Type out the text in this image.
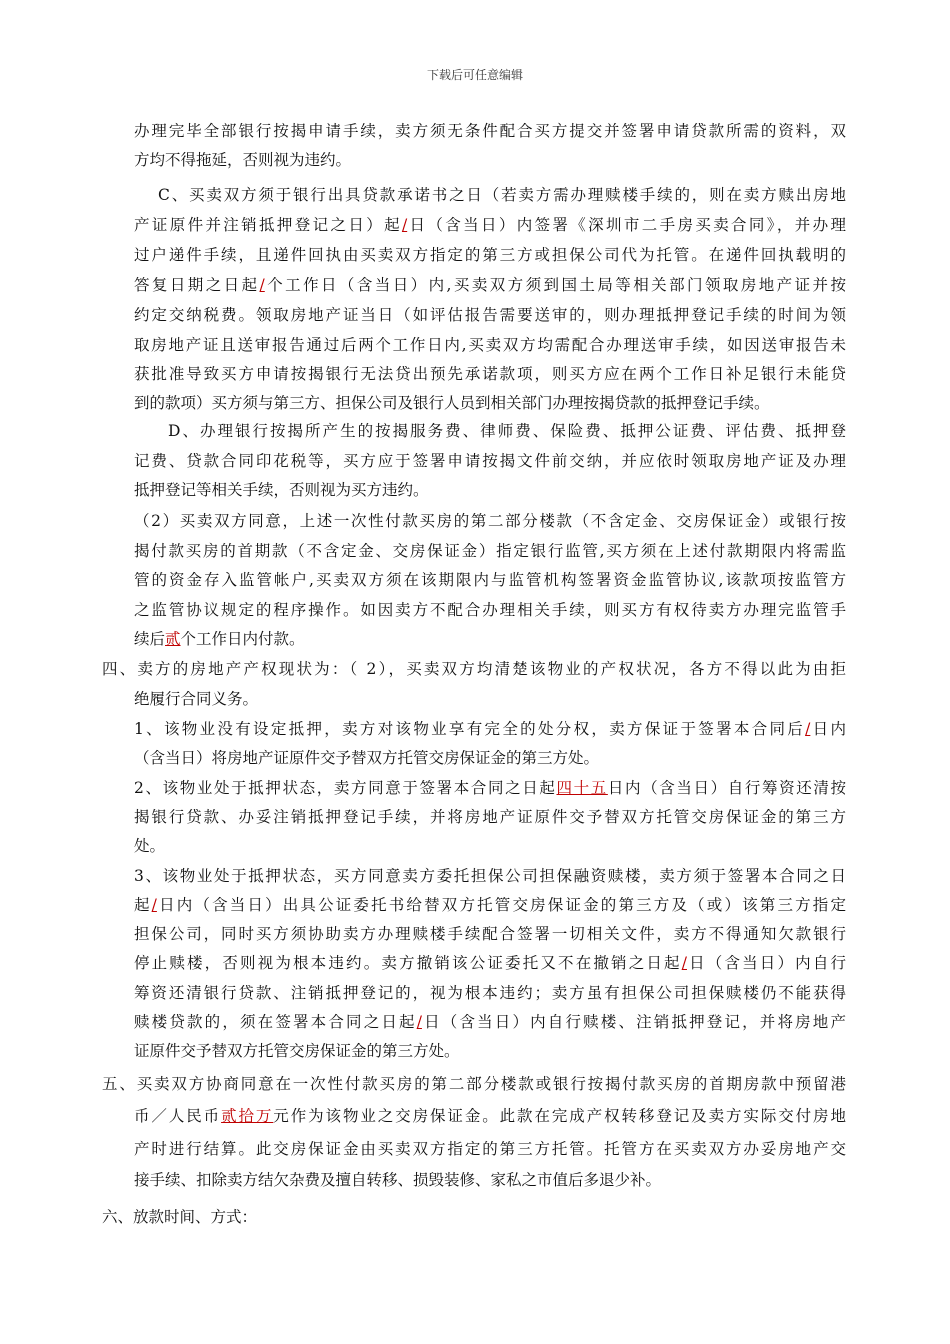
下载后可任意编辑
办理完毕全部银行按揭申请手续，卖方须无条件配合买方提交并签署申请贷款所需的资料，双
方均不得拖延，否则视为违约。
C、买卖双方须于银行出具贷款承诺书之日（若卖方需办理赎楼手续的，则在卖方赎出房地
产证原件并注销抵押登记之日）起/日（含当日）内签署《深圳市二手房买卖合同》，并办理
过户递件手续，且递件回执由买卖双方指定的第三方或担保公司代为托管。在递件回执载明的
答复日期之日起/个工作日（含当日）内,买卖双方须到国土局等相关部门领取房地产证并按
约定交纳税费。领取房地产证当日（如评估报告需要送审的，则办理抵押登记手续的时间为领
取房地产证且送审报告通过后两个工作日内,买卖双方均需配合办理送审手续，如因送审报告未
获批准导致买方申请按揭银行无法贷出预先承诺款项，则买方应在两个工作日补足银行未能贷
到的款项）买方须与第三方、担保公司及银行人员到相关部门办理按揭贷款的抵押登记手续。
D、办理银行按揭所产生的按揭服务费、律师费、保险费、抵押公证费、评估费、抵押登
记费、贷款合同印花税等，买方应于签署申请按揭文件前交纳，并应依时领取房地产证及办理
抵押登记等相关手续，否则视为买方违约。
（2）买卖双方同意，上述一次性付款买房的第二部分楼款（不含定金、交房保证金）或银行按
揭付款买房的首期款（不含定金、交房保证金）指定银行监管,买方须在上述付款期限内将需监
管的资金存入监管帐户,买卖双方须在该期限内与监管机构签署资金监管协议,该款项按监管方
之监管协议规定的程序操作。如因卖方不配合办理相关手续，则买方有权待卖方办理完监管手
续后贰个工作日内付款。
四、卖方的房地产产权现状为：（ 2），买卖双方均清楚该物业的产权状况，各方不得以此为由拒
绝履行合同义务。
1、该物业没有设定抵押，卖方对该物业享有完全的处分权，卖方保证于签署本合同后/日内
（含当日）将房地产证原件交予替双方托管交房保证金的第三方处。
2、该物业处于抵押状态，卖方同意于签署本合同之日起四十五日内（含当日）自行筹资还清按
揭银行贷款、办妥注销抵押登记手续，并将房地产证原件交予替双方托管交房保证金的第三方
处。
3、该物业处于抵押状态，买方同意卖方委托担保公司担保融资赎楼，卖方须于签署本合同之日
起/日内（含当日）出具公证委托书给替双方托管交房保证金的第三方及（或）该第三方指定
担保公司，同时买方须协助卖方办理赎楼手续配合签署一切相关文件，卖方不得通知欠款银行
停止赎楼，否则视为根本违约。卖方撤销该公证委托又不在撤销之日起/日（含当日）内自行
筹资还清银行贷款、注销抵押登记的，视为根本违约；卖方虽有担保公司担保赎楼仍不能获得
赎楼贷款的，须在签署本合同之日起/日（含当日）内自行赎楼、注销抵押登记，并将房地产
证原件交予替双方托管交房保证金的第三方处。
五、买卖双方协商同意在一次性付款买房的第二部分楼款或银行按揭付款买房的首期房款中预留港
币／人民币贰拾万元作为该物业之交房保证金。此款在完成产权转移登记及卖方实际交付房地
产时进行结算。此交房保证金由买卖双方指定的第三方托管。托管方在买卖双方办妥房地产交
接手续、扣除卖方结欠杂费及擅自转移、损毁装修、家私之市值后多退少补。
六、放款时间、方式：
